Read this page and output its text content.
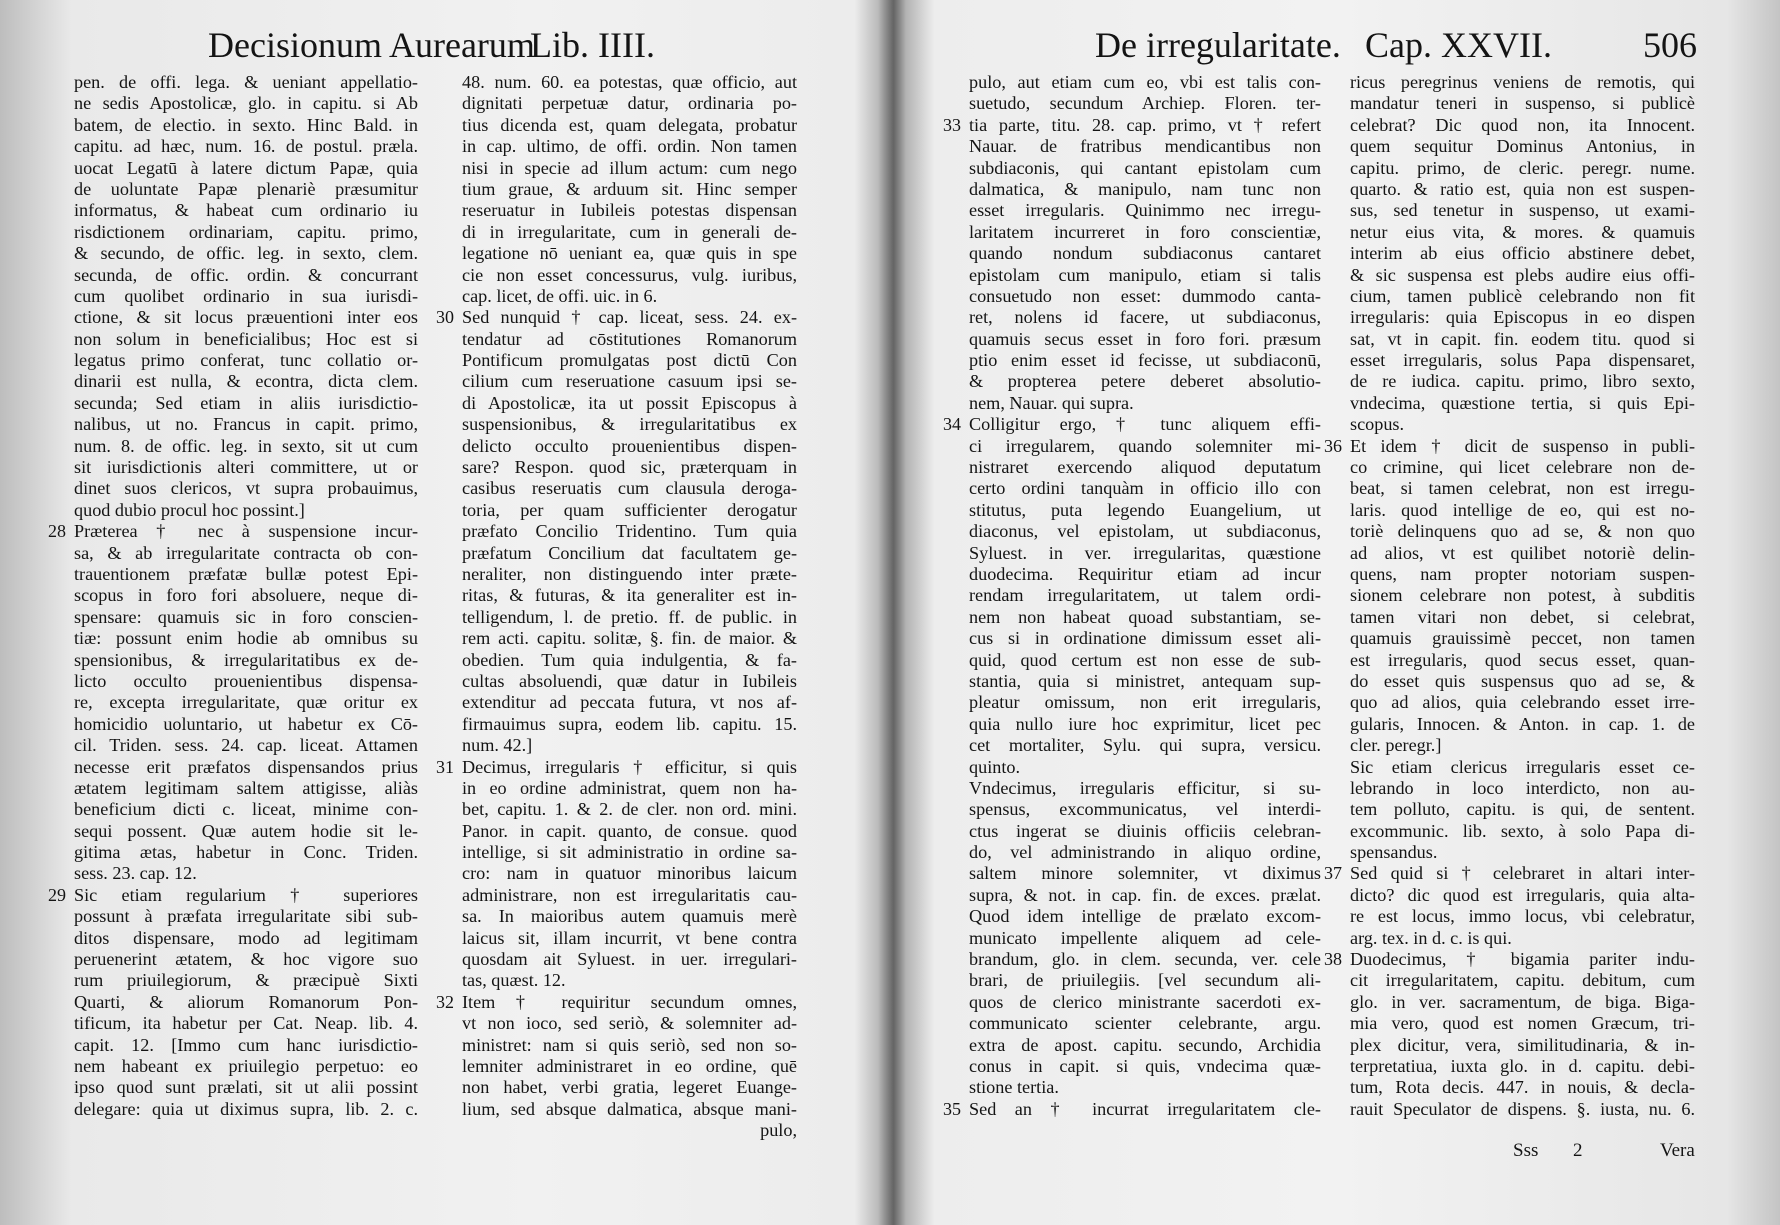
Decisionum Aurearum
Lib. IIII.
pen. de offi. lega. & ueniant appellatio-
ne sedis Apostolicæ, glo. in capitu. si Ab
batem, de electio. in sexto. Hinc Bald. in
capitu. ad hæc, num. 16. de postul. præla.
uocat Legatū à latere dictum Papæ, quia
de uoluntate Papæ plenariè præsumitur
informatus, & habeat cum ordinario iu
risdictionem ordinariam, capitu. primo,
& secundo, de offic. leg. in sexto, clem.
secunda, de offic. ordin. & concurrant
cum quolibet ordinario in sua iurisdi-
ctione, & sit locus præuentioni inter eos
non solum in beneficialibus; Hoc est si
legatus primo conferat, tunc collatio or-
dinarii est nulla, & econtra, dicta clem.
secunda; Sed etiam in aliis iurisdictio-
nalibus, ut no. Francus in capit. primo,
num. 8. de offic. leg. in sexto, sit ut cum
sit iurisdictionis alteri committere, ut or
dinet suos clericos, vt supra probauimus,
quod dubio procul hoc possint.]
28 Præterea † nec à suspensione incur-
sa, & ab irregularitate contracta ob con-
trauentionem præfatæ bullæ potest Epi-
scopus in foro fori absoluere, neque di-
spensare: quamuis sic in foro conscien-
tiæ: possunt enim hodie ab omnibus su
spensionibus, & irregularitatibus ex de-
licto occulto prouenientibus dispensa-
re, excepta irregularitate, quæ oritur ex
homicidio uoluntario, ut habetur ex Cō-
cil. Triden. sess. 24. cap. liceat. Attamen
necesse erit præfatos dispensandos prius
ætatem legitimam saltem attigisse, aliàs
beneficium dicti c. liceat, minime con-
sequi possent. Quæ autem hodie sit le-
gitima ætas, habetur in Conc. Triden.
sess. 23. cap. 12.
29 Sic etiam regularium † superiores
possunt à præfata irregularitate sibi sub-
ditos dispensare, modo ad legitimam
peruenerint ætatem, & hoc vigore suo
rum priuilegiorum, & præcipuè Sixti
Quarti, & aliorum Romanorum Pon-
tificum, ita habetur per Cat. Neap. lib. 4.
capit. 12. [Immo cum hanc iurisdictio-
nem habeant ex priuilegio perpetuo: eo
ipso quod sunt prælati, sit ut alii possint
delegare: quia ut diximus supra, lib. 2. c.
48. num. 60. ea potestas, quæ officio, aut
dignitati perpetuæ datur, ordinaria po-
tius dicenda est, quam delegata, probatur
in cap. ultimo, de offi. ordin. Non tamen
nisi in specie ad illum actum: cum nego
tium graue, & arduum sit. Hinc semper
reseruatur in Iubileis potestas dispensan
di in irregularitate, cum in generali de-
legatione nō ueniant ea, quæ quis in spe
cie non esset concessurus, vulg. iuribus,
cap. licet, de offi. uic. in 6.
30 Sed nunquid † cap. liceat, sess. 24. ex-
tendatur ad cōstitutiones Romanorum
Pontificum promulgatas post dictū Con
cilium cum reseruatione casuum ipsi se-
di Apostolicæ, ita ut possit Episcopus à
suspensionibus, & irregularitatibus ex
delicto occulto prouenientibus dispen-
sare? Respon. quod sic, præterquam in
casibus reseruatis cum clausula deroga-
toria, per quam sufficienter derogatur
præfato Concilio Tridentino. Tum quia
præfatum Concilium dat facultatem ge-
neraliter, non distinguendo inter præte-
ritas, & futuras, & ita generaliter est in-
telligendum, l. de pretio. ff. de public. in
rem acti. capitu. solitæ, §. fin. de maior. &
obedien. Tum quia indulgentia, & fa-
cultas absoluendi, quæ datur in Iubileis
extenditur ad peccata futura, vt nos af-
firmauimus supra, eodem lib. capitu. 15.
num. 42.]
31 Decimus, irregularis † efficitur, si quis
in eo ordine administrat, quem non ha-
bet, capitu. 1. & 2. de cler. non ord. mini.
Panor. in capit. quanto, de consue. quod
intellige, si sit administratio in ordine sa-
cro: nam in quatuor minoribus laicum
administrare, non est irregularitatis cau-
sa. In maioribus autem quamuis merè
laicus sit, illam incurrit, vt bene contra
quosdam ait Syluest. in uer. irregulari-
tas, quæst. 12.
32 Item † requiritur secundum omnes,
vt non ioco, sed seriò, & solemniter ad-
ministret: nam si quis seriò, sed non so-
lemniter administraret in eo ordine, quē
non habet, verbi gratia, legeret Euange-
lium, sed absque dalmatica, absque mani-
pulo,
De irregularitate. Cap. XXVII.	506
pulo, aut etiam cum eo, vbi est talis con-
suetudo, secundum Archiep. Floren. ter-
33 tia parte, titu. 28. cap. primo, vt † refert
Nauar. de fratribus mendicantibus non
subdiaconis, qui cantant epistolam cum
dalmatica, & manipulo, nam tunc non
esset irregularis. Quinimmo nec irregu-
laritatem incurreret in foro conscientiæ,
quando nondum subdiaconus cantaret
epistolam cum manipulo, etiam si talis
consuetudo non esset: dummodo canta-
ret, nolens id facere, ut subdiaconus,
quamuis secus esset in foro fori. præsum
ptio enim esset id fecisse, ut subdiaconū,
& propterea petere deberet absolutio-
nem, Nauar. qui supra.
34 Colligitur ergo, † tunc aliquem effi-
ci irregularem, quando solemniter mi-
nistraret exercendo aliquod deputatum
certo ordini tanquàm in officio illo con
stitutus, puta legendo Euangelium, ut
diaconus, vel epistolam, ut subdiaconus,
Syluest. in ver. irregularitas, quæstione
duodecima. Requiritur etiam ad incur
rendam irregularitatem, ut talem ordi-
nem non habeat quoad substantiam, se-
cus si in ordinatione dimissum esset ali-
quid, quod certum est non esse de sub-
stantia, quia si ministret, antequam sup-
pleatur omissum, non erit irregularis,
quia nullo iure hoc exprimitur, licet pec
cet mortaliter, Sylu. qui supra, versicu.
quinto.
Vndecimus, irregularis efficitur, si su-
spensus, excommunicatus, vel interdi-
ctus ingerat se diuinis officiis celebran-
do, vel administrando in aliquo ordine,
saltem minore solemniter, vt diximus
supra, & not. in cap. fin. de exces. prælat.
Quod idem intellige de prælato excom-
municato impellente aliquem ad cele-
brandum, glo. in clem. secunda, ver. cele
brari, de priuilegiis. [vel secundum ali-
quos de clerico ministrante sacerdoti ex-
communicato scienter celebrante, argu.
extra de apost. capitu. secundo, Archidia
conus in capit. si quis, vndecima quæ-
stione tertia.
35 Sed an † incurrat irregularitatem cle-
ricus peregrinus veniens de remotis, qui
mandatur teneri in suspenso, si publicè
celebrat? Dic quod non, ita Innocent.
quem sequitur Dominus Antonius, in
capitu. primo, de cleric. peregr. nume.
quarto. & ratio est, quia non est suspen-
sus, sed tenetur in suspenso, ut exami-
netur eius vita, & mores. & quamuis
interim ab eius officio abstinere debet,
& sic suspensa est plebs audire eius offi-
cium, tamen publicè celebrando non fit
irregularis: quia Episcopus in eo dispen
sat, vt in capit. fin. eodem titu. quod si
esset irregularis, solus Papa dispensaret,
de re iudica. capitu. primo, libro sexto,
vndecima, quæstione tertia, si quis Epi-
scopus.
36 Et idem † dicit de suspenso in publi-
co crimine, qui licet celebrare non de-
beat, si tamen celebrat, non est irregu-
laris. quod intellige de eo, qui est no-
toriè delinquens quo ad se, & non quo
ad alios, vt est quilibet notoriè delin-
quens, nam propter notoriam suspen-
sionem celebrare non potest, à subditis
tamen vitari non debet, si celebrat,
quamuis grauissimè peccet, non tamen
est irregularis, quod secus esset, quan-
do esset quis suspensus quo ad se, &
quo ad alios, quia celebrando esset irre-
gularis, Innocen. & Anton. in cap. 1. de
cler. peregr.]
Sic etiam clericus irregularis esset ce-
lebrando in loco interdicto, non au-
tem polluto, capitu. is qui, de sentent.
excommunic. lib. sexto, à solo Papa di-
spensandus.
37 Sed quid si † celebraret in altari inter-
dicto? dic quod est irregularis, quia alta-
re est locus, immo locus, vbi celebratur,
arg. tex. in d. c. is qui.
38 Duodecimus, † bigamia pariter indu-
cit irregularitatem, capitu. debitum, cum
glo. in ver. sacramentum, de biga. Biga-
mia vero, quod est nomen Græcum, tri-
plex dicitur, vera, similitudinaria, & in-
terpretatiua, iuxta glo. in d. capitu. debi-
tum, Rota decis. 447. in nouis, & decla-
rauit Speculator de dispens. §. iusta, nu. 6.
Sss 2	Vera
